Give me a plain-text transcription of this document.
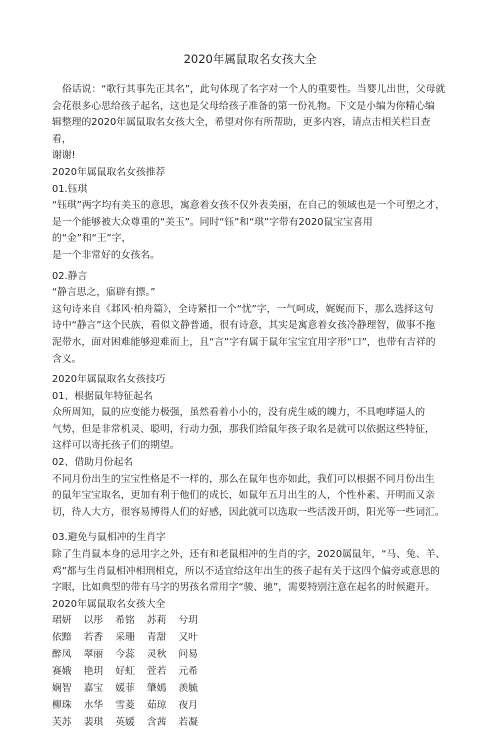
2020年属鼠取名女孩大全

俗话说：“歌行其事先正其名”，此句体现了名字对一个人的重要性。当婴儿出世，父母就

会花很多心思给孩子起名，这也是父母给孩子准备的第一份礼物。下文是小编为你精心编

辑整理的2020年属鼠取名女孩大全，希望对你有所帮助，更多内容，请点击相关栏目查看，

谢谢!

2020年属鼠取名女孩推荐

01.钰琪

“钰琪”两字均有美玉的意思，寓意着女孩不仅外表美丽，在自己的领域也是一个可塑之才，

是一个能够被大众尊重的“美玉”。同时“钰”和“琪”字带有2020鼠宝宝喜用的“金”和“王”字，

是一个非常好的女孩名。

02.静言

“静言思之，寤辟有摽。”

这句诗来自《邶风·柏舟篇》，全诗紧扣一个“忧”字，一气呵成，娓娓而下，那么选择这句

诗中“静言”这个民族，看似文静普通，很有诗意，其实是寓意着女孩冷静理智，做事不拖

泥带水，面对困难能够迎难而上，且“言”字有属于鼠年宝宝宜用字形“口”，也带有吉祥的

含义。

2020年属鼠取名女孩技巧

01、根据鼠年特征起名

众所周知，鼠的应变能力极强，虽然看着小小的，没有虎生威的魄力，不具咆哮逼人的

气势，但是非常机灵、聪明，行动力强，那我们给鼠年孩子取名是就可以依据这些特征，

这样可以寄托孩子们的期望。

02、借助月份起名

不同月份出生的宝宝性格是不一样的，那么在鼠年也亦如此，我们可以根据不同月份出生

的鼠年宝宝取名，更加有利于他们的成长，如鼠年五月出生的人，个性朴素、开明而又亲

切，待人大方，很容易博得人们的好感，因此就可以选取一些活泼开朗，阳光等一些词汇。

03.避免与鼠相冲的生肖字

除了生肖鼠本身的忌用字之外，还有和老鼠相冲的生肖的字，2020属鼠年，“马、兔、羊、

鸡”都与生肖鼠相冲相刑相克，所以不适宜给这年出生的孩子起有关于这四个偏旁或意思的

字眼，比如典型的带有马字的男孩名常用字“骏、驰”，需要特别注意在起名的时候避开。

2020年属鼠取名女孩大全

珺妍 以彤 希铭 苏莉 兮玥
依黯 若香 采珊 青甜 又叶
醉凤 翠丽 今蕊 灵秋 问易
赛娥 艳玥 好虹 萱若 元希
娴智 嘉宝 媛菲 肇嫣 羡毓
柳珠 水华 雪菱 茹琼 夜月
芙苏 裴琪 英媛 含茜 若凝
